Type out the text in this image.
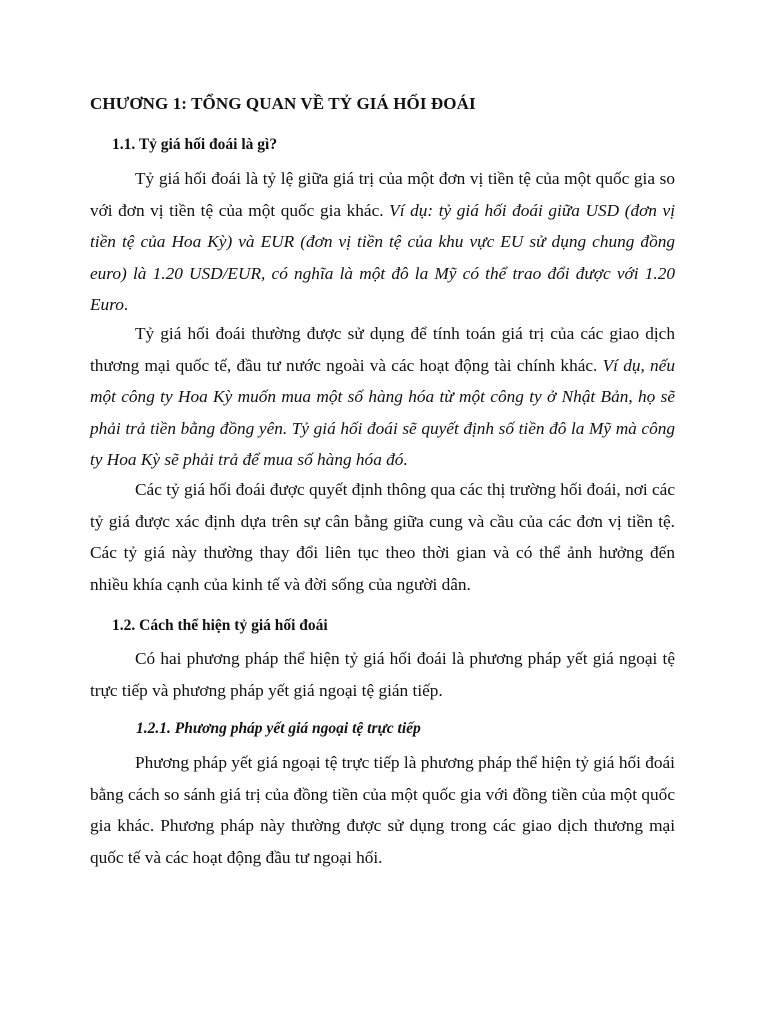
CHƯƠNG 1: TỔNG QUAN VỀ TỶ GIÁ HỐI ĐOÁI
1.1. Tỷ giá hối đoái là gì?

Tỷ giá hối đoái là tỷ lệ giữa giá trị của một đơn vị tiền tệ của một quốc gia so với đơn vị tiền tệ của một quốc gia khác. Ví dụ: tỷ giá hối đoái giữa USD (đơn vị tiền tệ của Hoa Kỳ) và EUR (đơn vị tiền tệ của khu vực EU sử dụng chung đồng euro) là 1.20 USD/EUR, có nghĩa là một đô la Mỹ có thể trao đổi được với 1.20 Euro.

Tỷ giá hối đoái thường được sử dụng để tính toán giá trị của các giao dịch thương mại quốc tế, đầu tư nước ngoài và các hoạt động tài chính khác. Ví dụ, nếu một công ty Hoa Kỳ muốn mua một số hàng hóa từ một công ty ở Nhật Bản, họ sẽ phải trả tiền bằng đồng yên. Tỷ giá hối đoái sẽ quyết định số tiền đô la Mỹ mà công ty Hoa Kỳ sẽ phải trả để mua số hàng hóa đó.

Các tỷ giá hối đoái được quyết định thông qua các thị trường hối đoái, nơi các tỷ giá được xác định dựa trên sự cân bằng giữa cung và cầu của các đơn vị tiền tệ. Các tỷ giá này thường thay đổi liên tục theo thời gian và có thể ảnh hưởng đến nhiều khía cạnh của kinh tế và đời sống của người dân.

1.2. Cách thể hiện tỷ giá hối đoái

Có hai phương pháp thể hiện tỷ giá hối đoái là phương pháp yết giá ngoại tệ trực tiếp và phương pháp yết giá ngoại tệ gián tiếp.

1.2.1. Phương pháp yết giá ngoại tệ trực tiếp

Phương pháp yết giá ngoại tệ trực tiếp là phương pháp thể hiện tỷ giá hối đoái bằng cách so sánh giá trị của đồng tiền của một quốc gia với đồng tiền của một quốc gia khác. Phương pháp này thường được sử dụng trong các giao dịch thương mại quốc tế và các hoạt động đầu tư ngoại hối.
